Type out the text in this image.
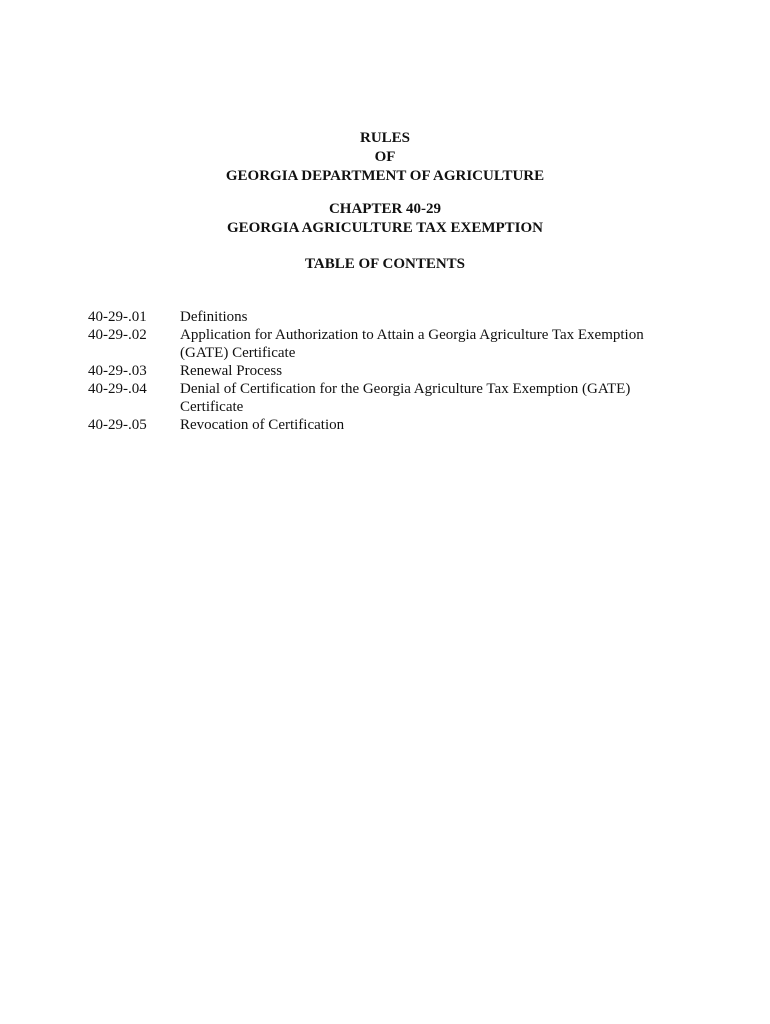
RULES
OF
GEORGIA DEPARTMENT OF AGRICULTURE
CHAPTER 40-29
GEORGIA AGRICULTURE TAX EXEMPTION
TABLE OF CONTENTS
40-29-.01	Definitions
40-29-.02	Application for Authorization to Attain a Georgia Agriculture Tax Exemption
(GATE) Certificate
40-29-.03	Renewal Process
40-29-.04	Denial of Certification for the Georgia Agriculture Tax Exemption (GATE)
Certificate
40-29-.05	Revocation of Certification
